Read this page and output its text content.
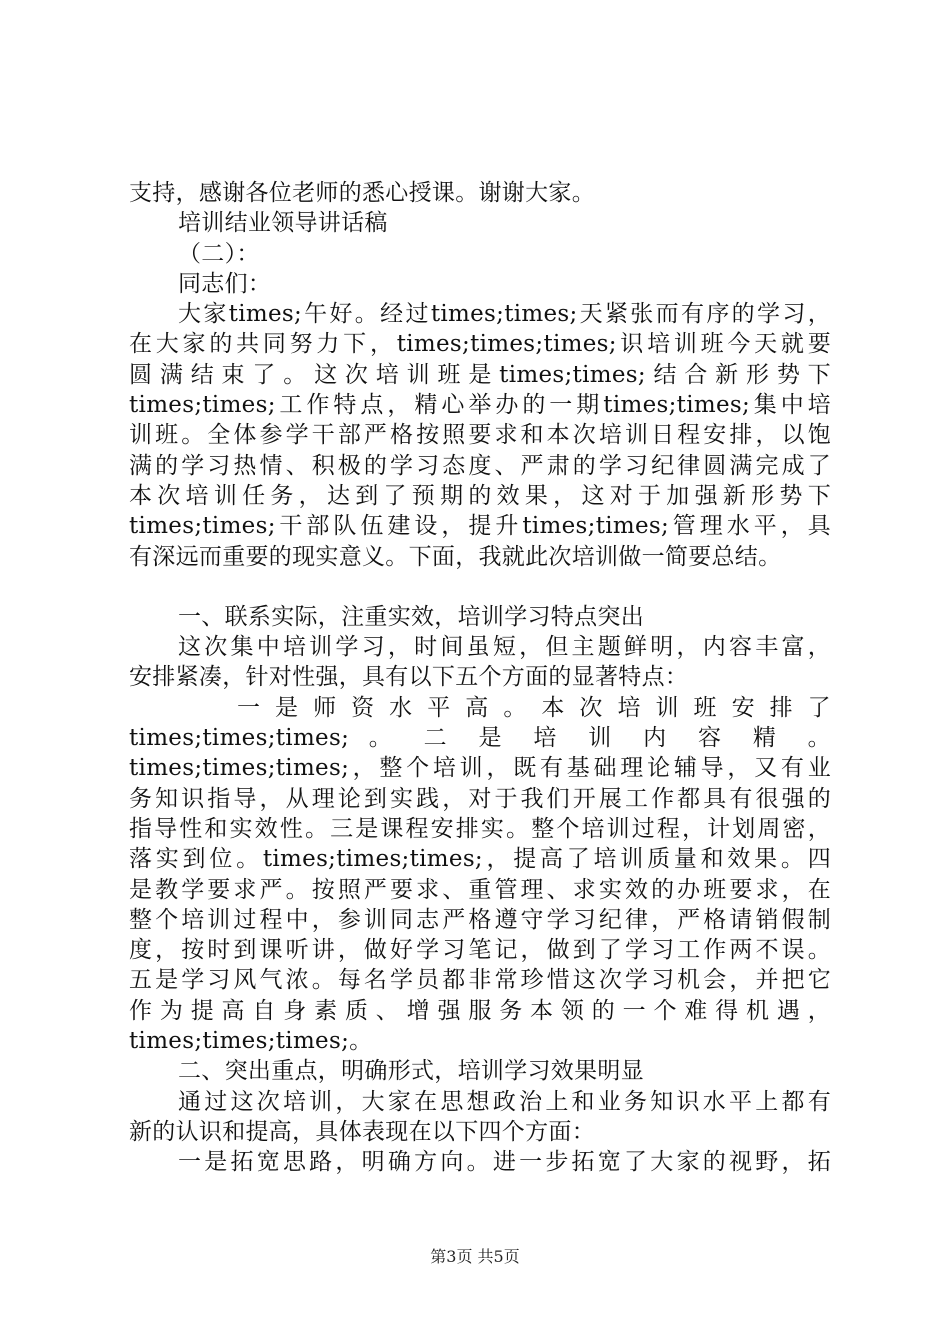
支持，感谢各位老师的悉心授课。谢谢大家。
培训结业领导讲话稿
（二）：
同志们：
大家times;午好。经过times;times;天紧张而有序的学习，
在大家的共同努力下，times;times;times;识培训班今天就要
圆满结束了。这次培训班是times;times;结合新形势下
times;times;工作特点，精心举办的一期times;times;集中培
训班。全体参学干部严格按照要求和本次培训日程安排，以饱
满的学习热情、积极的学习态度、严肃的学习纪律圆满完成了
本次培训任务，达到了预期的效果，这对于加强新形势下
times;times;干部队伍建设，提升times;times;管理水平，具
有深远而重要的现实意义。下面，我就此次培训做一简要总结。
一、联系实际，注重实效，培训学习特点突出
这次集中培训学习，时间虽短，但主题鲜明，内容丰富，
安排紧凑，针对性强，具有以下五个方面的显著特点：
一是师资水平高。本次培训班安排了
times;times;times; 。 二 是 培 训 内 容 精 。
times;times;times;，整个培训，既有基础理论辅导，又有业
务知识指导，从理论到实践，对于我们开展工作都具有很强的
指导性和实效性。三是课程安排实。整个培训过程，计划周密，
落实到位。times;times;times;，提高了培训质量和效果。四
是教学要求严。按照严要求、重管理、求实效的办班要求，在
整个培训过程中，参训同志严格遵守学习纪律，严格请销假制
度，按时到课听讲，做好学习笔记，做到了学习工作两不误。
五是学习风气浓。每名学员都非常珍惜这次学习机会，并把它
作为提高自身素质、增强服务本领的一个难得机遇，
times;times;times;。
二、突出重点，明确形式，培训学习效果明显
通过这次培训，大家在思想政治上和业务知识水平上都有
新的认识和提高，具体表现在以下四个方面：
一是拓宽思路，明确方向。进一步拓宽了大家的视野，拓
第3页 共5页
